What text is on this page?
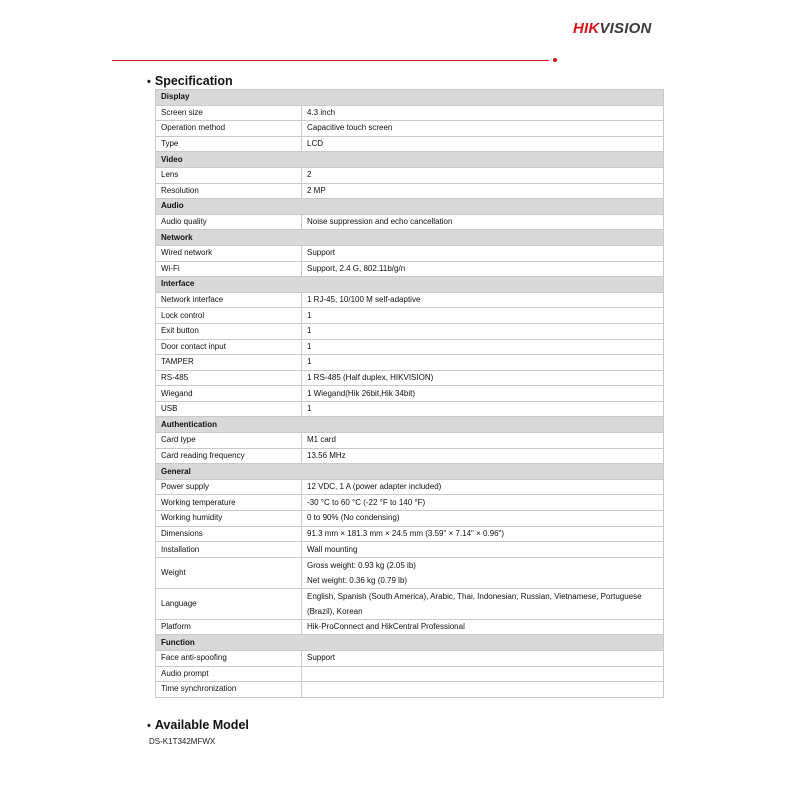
HIKVISION
• Specification
Display	
Screen size	4.3 inch
Operation method	Capacitive touch screen
Type	LCD
Video	
Lens	2
Resolution	2 MP
Audio	
Audio quality	Noise suppression and echo cancellation
Network	
Wired network	Support
Wi-Fi	Support, 2.4 G, 802.11b/g/n
Interface	
Network interface	1 RJ-45, 10/100 M self-adaptive
Lock control	1
Exit button	1
Door contact input	1
TAMPER	1
RS-485	1 RS-485 (Half duplex, HIKVISION)
Wiegand	1 Wiegand(Hik 26bit,Hik 34bit)
USB	1
Authentication	
Card type	M1 card
Card reading frequency	13.56 MHz
General	
Power supply	12 VDC, 1 A (power adapter included)
Working temperature	-30 °C to 60 °C (-22 °F to 140 °F)
Working humidity	0 to 90% (No condensing)
Dimensions	91.3 mm × 181.3 mm × 24.5 mm (3.59" × 7.14" × 0.96")
Installation	Wall mounting
Weight	Gross weight: 0.93 kg (2.05 lb)
Net weight: 0.36 kg (0.79 lb)

Language	English, Spanish (South America), Arabic, Thai, Indonesian, Russian, Vietnamese, Portuguese (Brazil), Korean
Platform	Hik-ProConnect and HikCentral Professional
Function	
Face anti-spoofing	Support
Audio prompt	
Time synchronization	
• Available Model
DS-K1T342MFWX
